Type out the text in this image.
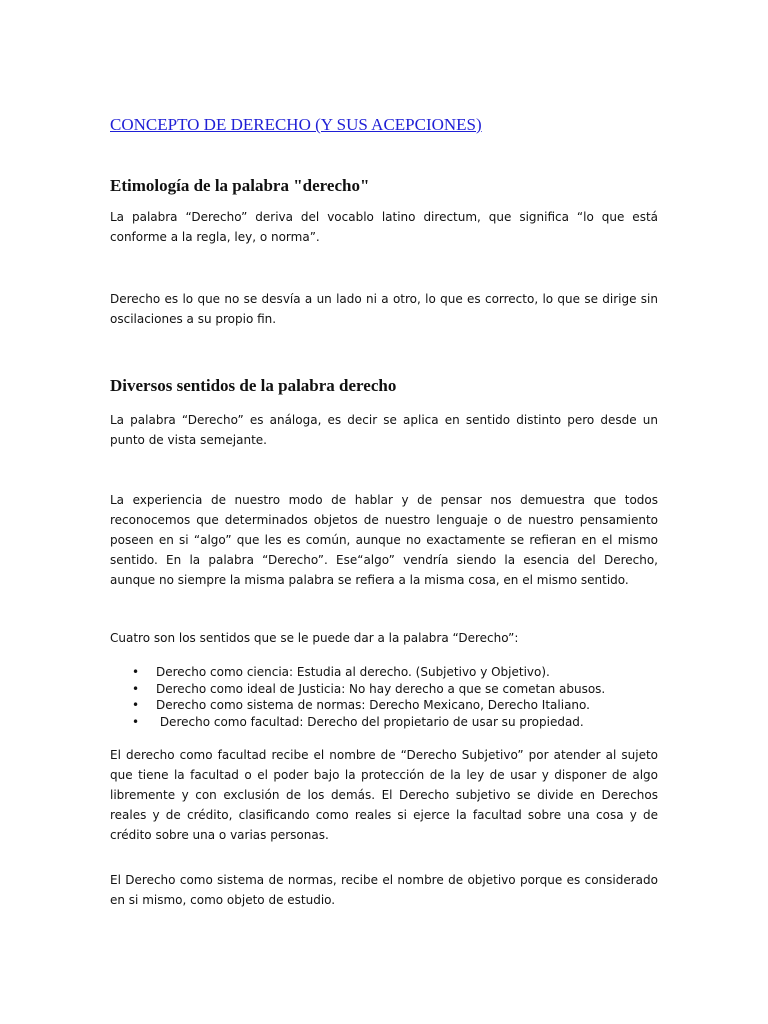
CONCEPTO DE DERECHO (Y SUS ACEPCIONES)
Etimología de la palabra "derecho"

La palabra “Derecho” deriva del vocablo latino directum, que significa “lo que está conforme a la regla, ley, o norma”.

Derecho es lo que no se desvía a un lado ni a otro, lo que es correcto, lo que se dirige sin oscilaciones a su propio fin.

Diversos sentidos de la palabra derecho

La palabra “Derecho” es análoga, es decir se aplica en sentido distinto pero desde un punto de vista semejante.

La experiencia de nuestro modo de hablar y de pensar nos demuestra que todos reconocemos que determinados objetos de nuestro lenguaje o de nuestro pensamiento poseen en si “algo” que les es común, aunque no exactamente se refieran en el mismo sentido. En la palabra “Derecho”. Ese“algo” vendría siendo la esencia del Derecho, aunque no siempre la misma palabra se refiera a la misma cosa, en el mismo sentido.

Cuatro son los sentidos que se le puede dar a la palabra “Derecho”:

• Derecho como ciencia: Estudia al derecho. (Subjetivo y Objetivo).
• Derecho como ideal de Justicia: No hay derecho a que se cometan abusos.
• Derecho como sistema de normas: Derecho Mexicano, Derecho Italiano.
• Derecho como facultad: Derecho del propietario de usar su propiedad.

El derecho como facultad recibe el nombre de “Derecho Subjetivo” por atender al sujeto que tiene la facultad o el poder bajo la protección de la ley de usar y disponer de algo libremente y con exclusión de los demás. El Derecho subjetivo se divide en Derechos reales y de crédito, clasificando como reales si ejerce la facultad sobre una cosa y de crédito sobre una o varias personas.

El Derecho como sistema de normas, recibe el nombre de objetivo porque es considerado en si mismo, como objeto de estudio.
